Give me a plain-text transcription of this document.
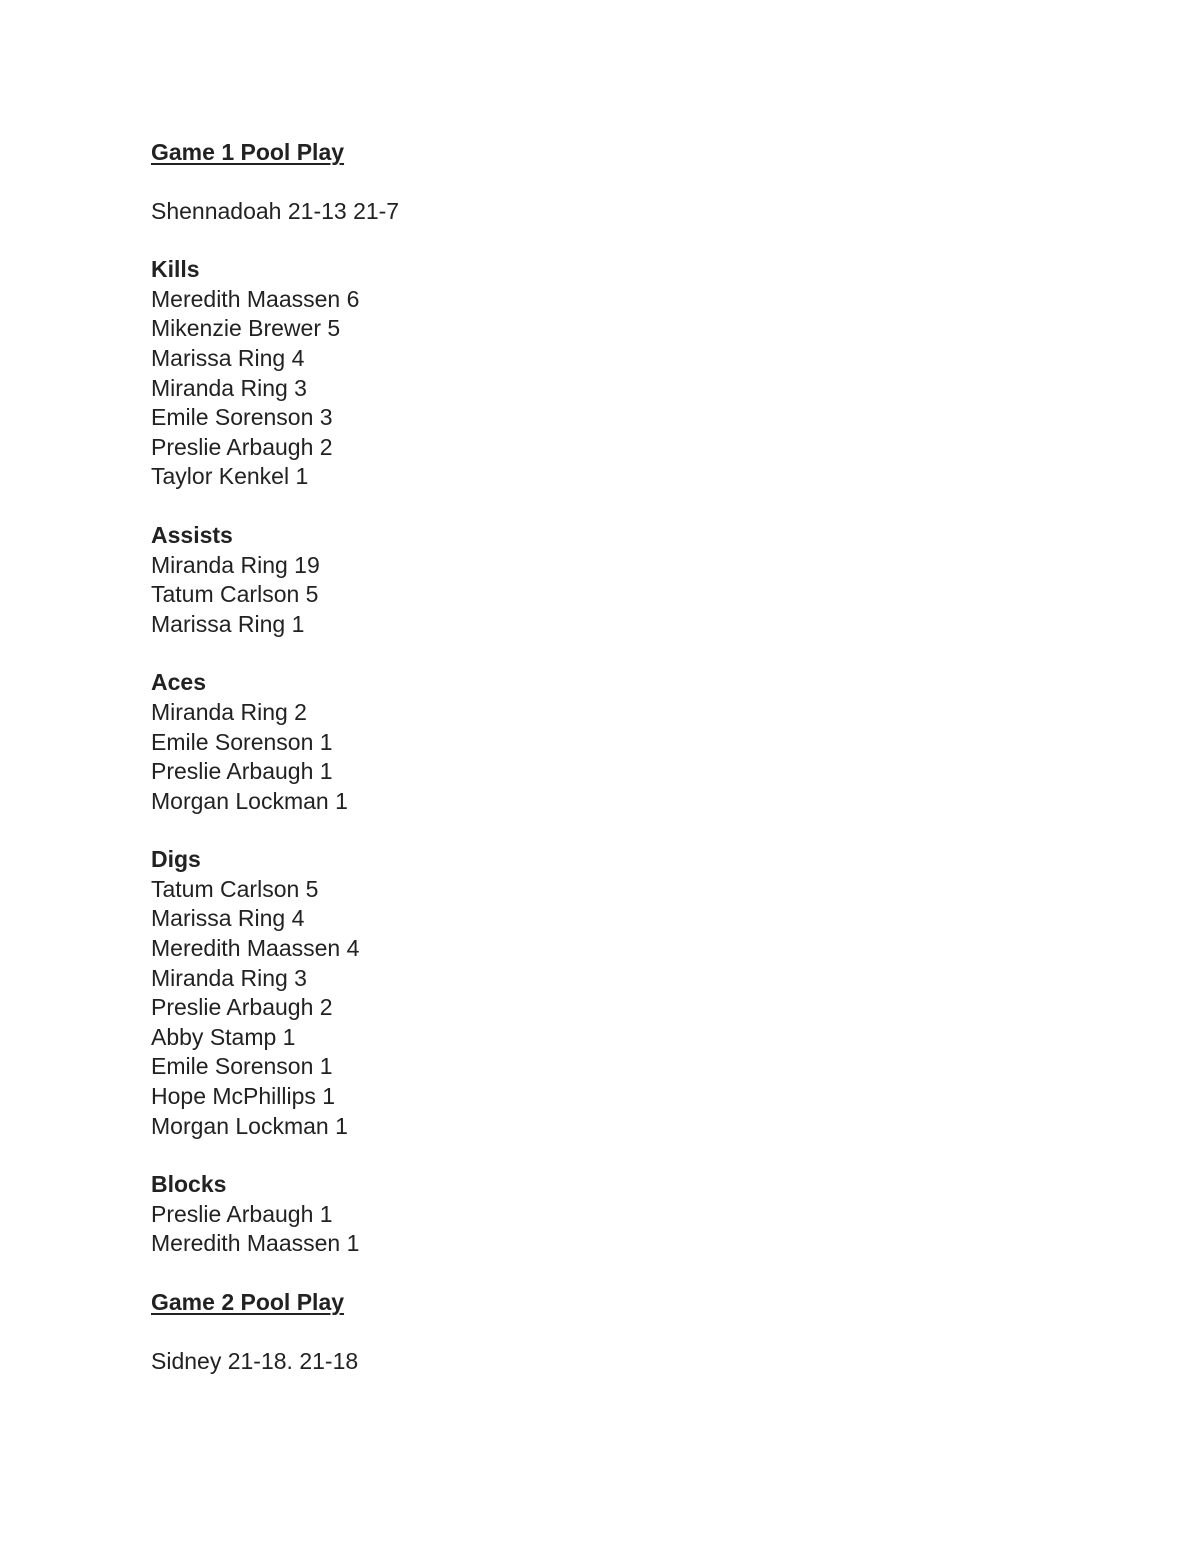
Game 1 Pool Play
Shennadoah 21-13 21-7
Kills
Meredith Maassen 6
Mikenzie Brewer 5
Marissa Ring 4
Miranda Ring 3
Emile Sorenson 3
Preslie Arbaugh 2
Taylor Kenkel 1
Assists
Miranda Ring 19
Tatum Carlson 5
Marissa Ring 1
Aces
Miranda Ring 2
Emile Sorenson 1
Preslie Arbaugh 1
Morgan Lockman 1
Digs
Tatum Carlson 5
Marissa Ring 4
Meredith Maassen 4
Miranda Ring 3
Preslie Arbaugh 2
Abby Stamp 1
Emile Sorenson 1
Hope McPhillips 1
Morgan Lockman 1
Blocks
Preslie Arbaugh 1
Meredith Maassen 1
Game 2 Pool Play
Sidney 21-18. 21-18
